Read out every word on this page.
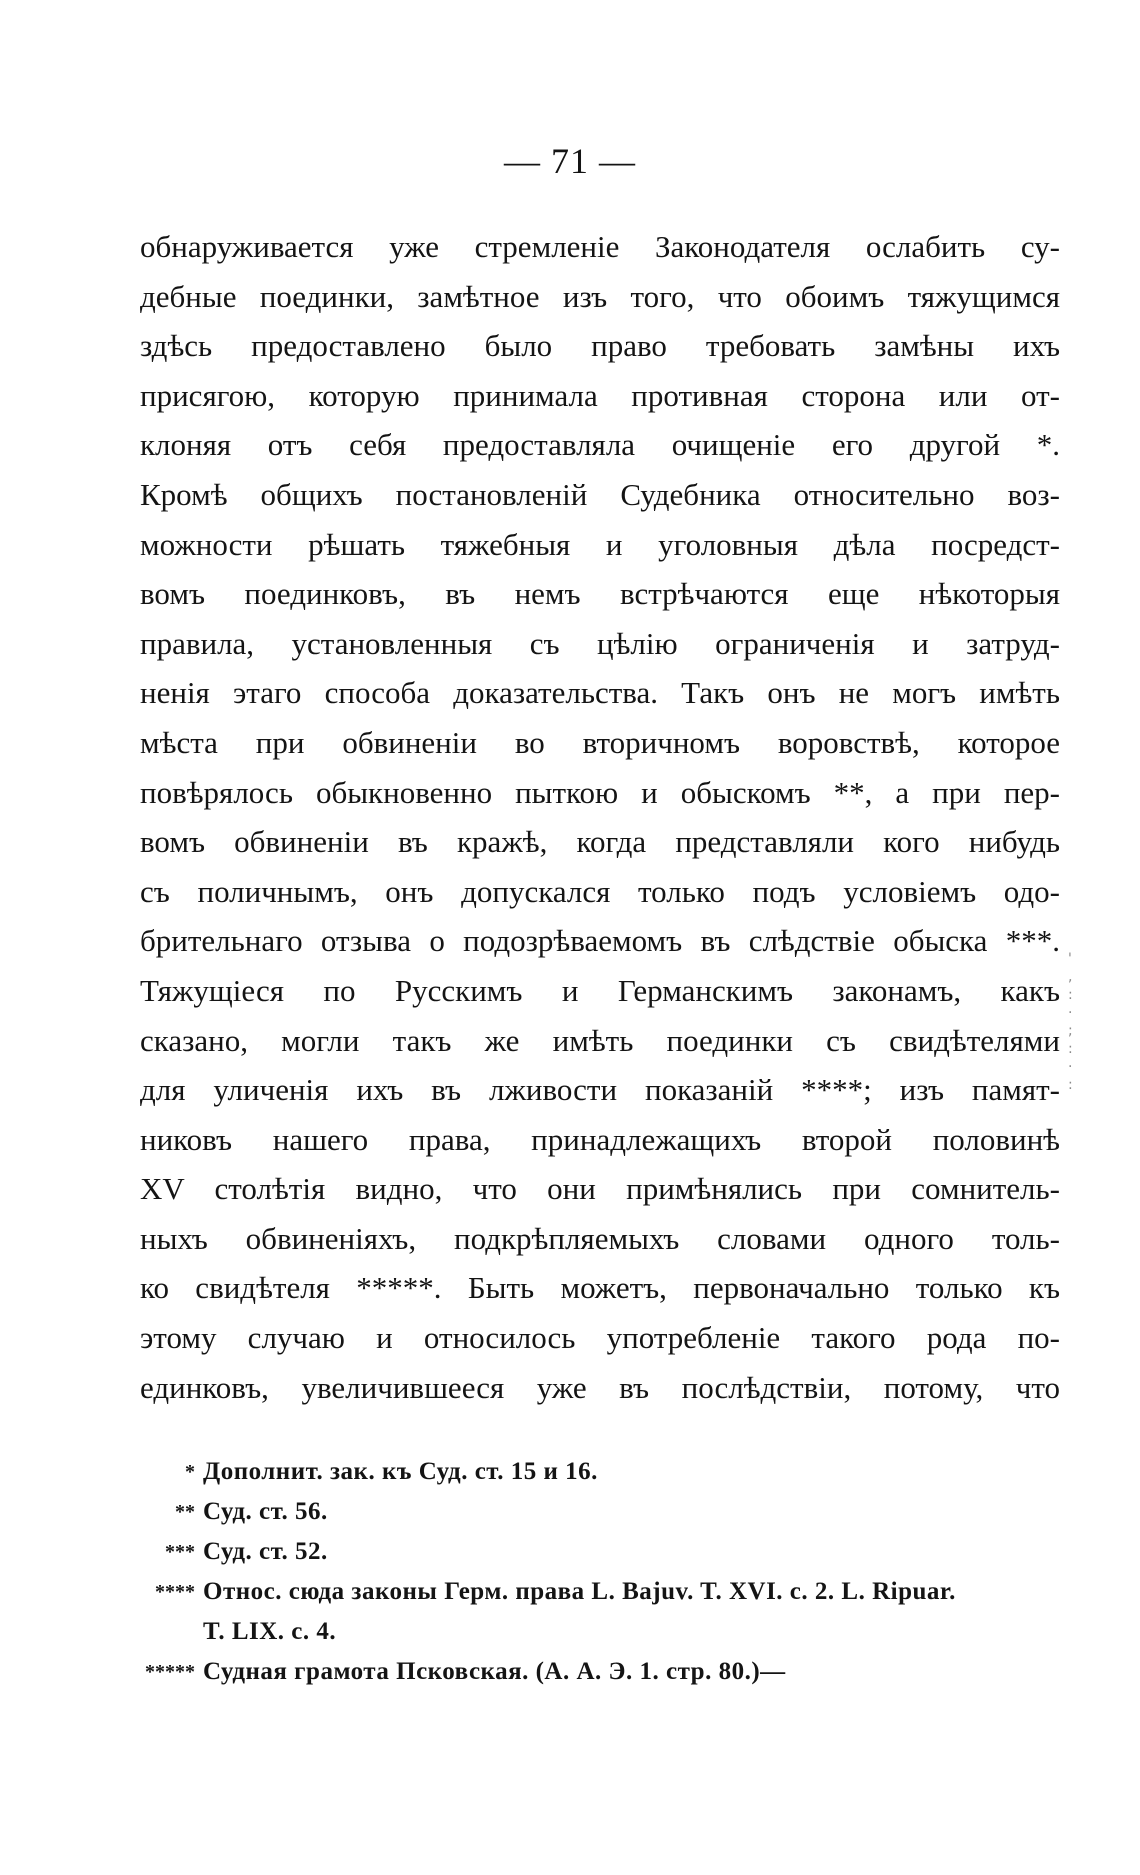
— 71 —
обнаруживается уже стремленіе Законодателя ослабить су-
дебные поединки, замѣтное изъ того, что обоимъ тяжущимся
здѣсь предоставлено было право требовать замѣны ихъ
присягою, которую принимала противная сторона или от-
клоняя отъ себя предоставляла очищеніе его другой *.
Кромѣ общихъ постановленій Судебника относительно воз-
можности рѣшать тяжебныя и уголовныя дѣла посредст-
вомъ поединковъ, въ немъ встрѣчаются еще нѣкоторыя
правила, установленныя съ цѣлію ограниченія и затруд-
ненія этаго способа доказательства. Такъ онъ не могъ имѣть
мѣста при обвиненіи во вторичномъ воровствѣ, которое
повѣрялось обыкновенно пыткою и обыскомъ **, а при пер-
вомъ обвиненіи въ кражѣ, когда представляли кого нибудь
съ поличнымъ, онъ допускался только подъ условіемъ одо-
брительнаго отзыва о подозрѣваемомъ въ слѣдствіе обыска ***.
Тяжущіеся по Русскимъ и Германскимъ законамъ, какъ
сказано, могли такъ же имѣть поединки съ свидѣтелями
для уличенія ихъ въ лживости показаній ****; изъ памят-
никовъ нашего права, принадлежащихъ второй половинѣ
XV столѣтія видно, что они примѣнялись при сомнитель-
ныхъ обвиненіяхъ, подкрѣпляемыхъ словами одного толь-
ко свидѣтеля *****. Быть можетъ, первоначально только къ
этому случаю и относилось употребленіе такого рода по-
единковъ, увеличившееся уже въ послѣдствіи, потому, что
'
,
:
·
;
:
·
:
* Дополнит. зак. къ Суд. ст. 15 и 16.
** Суд. ст. 56.
*** Суд. ст. 52.
**** Относ. сюда законы Герм. права L. Bajuv. T. XVI. c. 2. L. Ripuar.
T. LIX. c. 4.
***** Судная грамота Псковская. (А. А. Э. 1. стр. 80.)—
